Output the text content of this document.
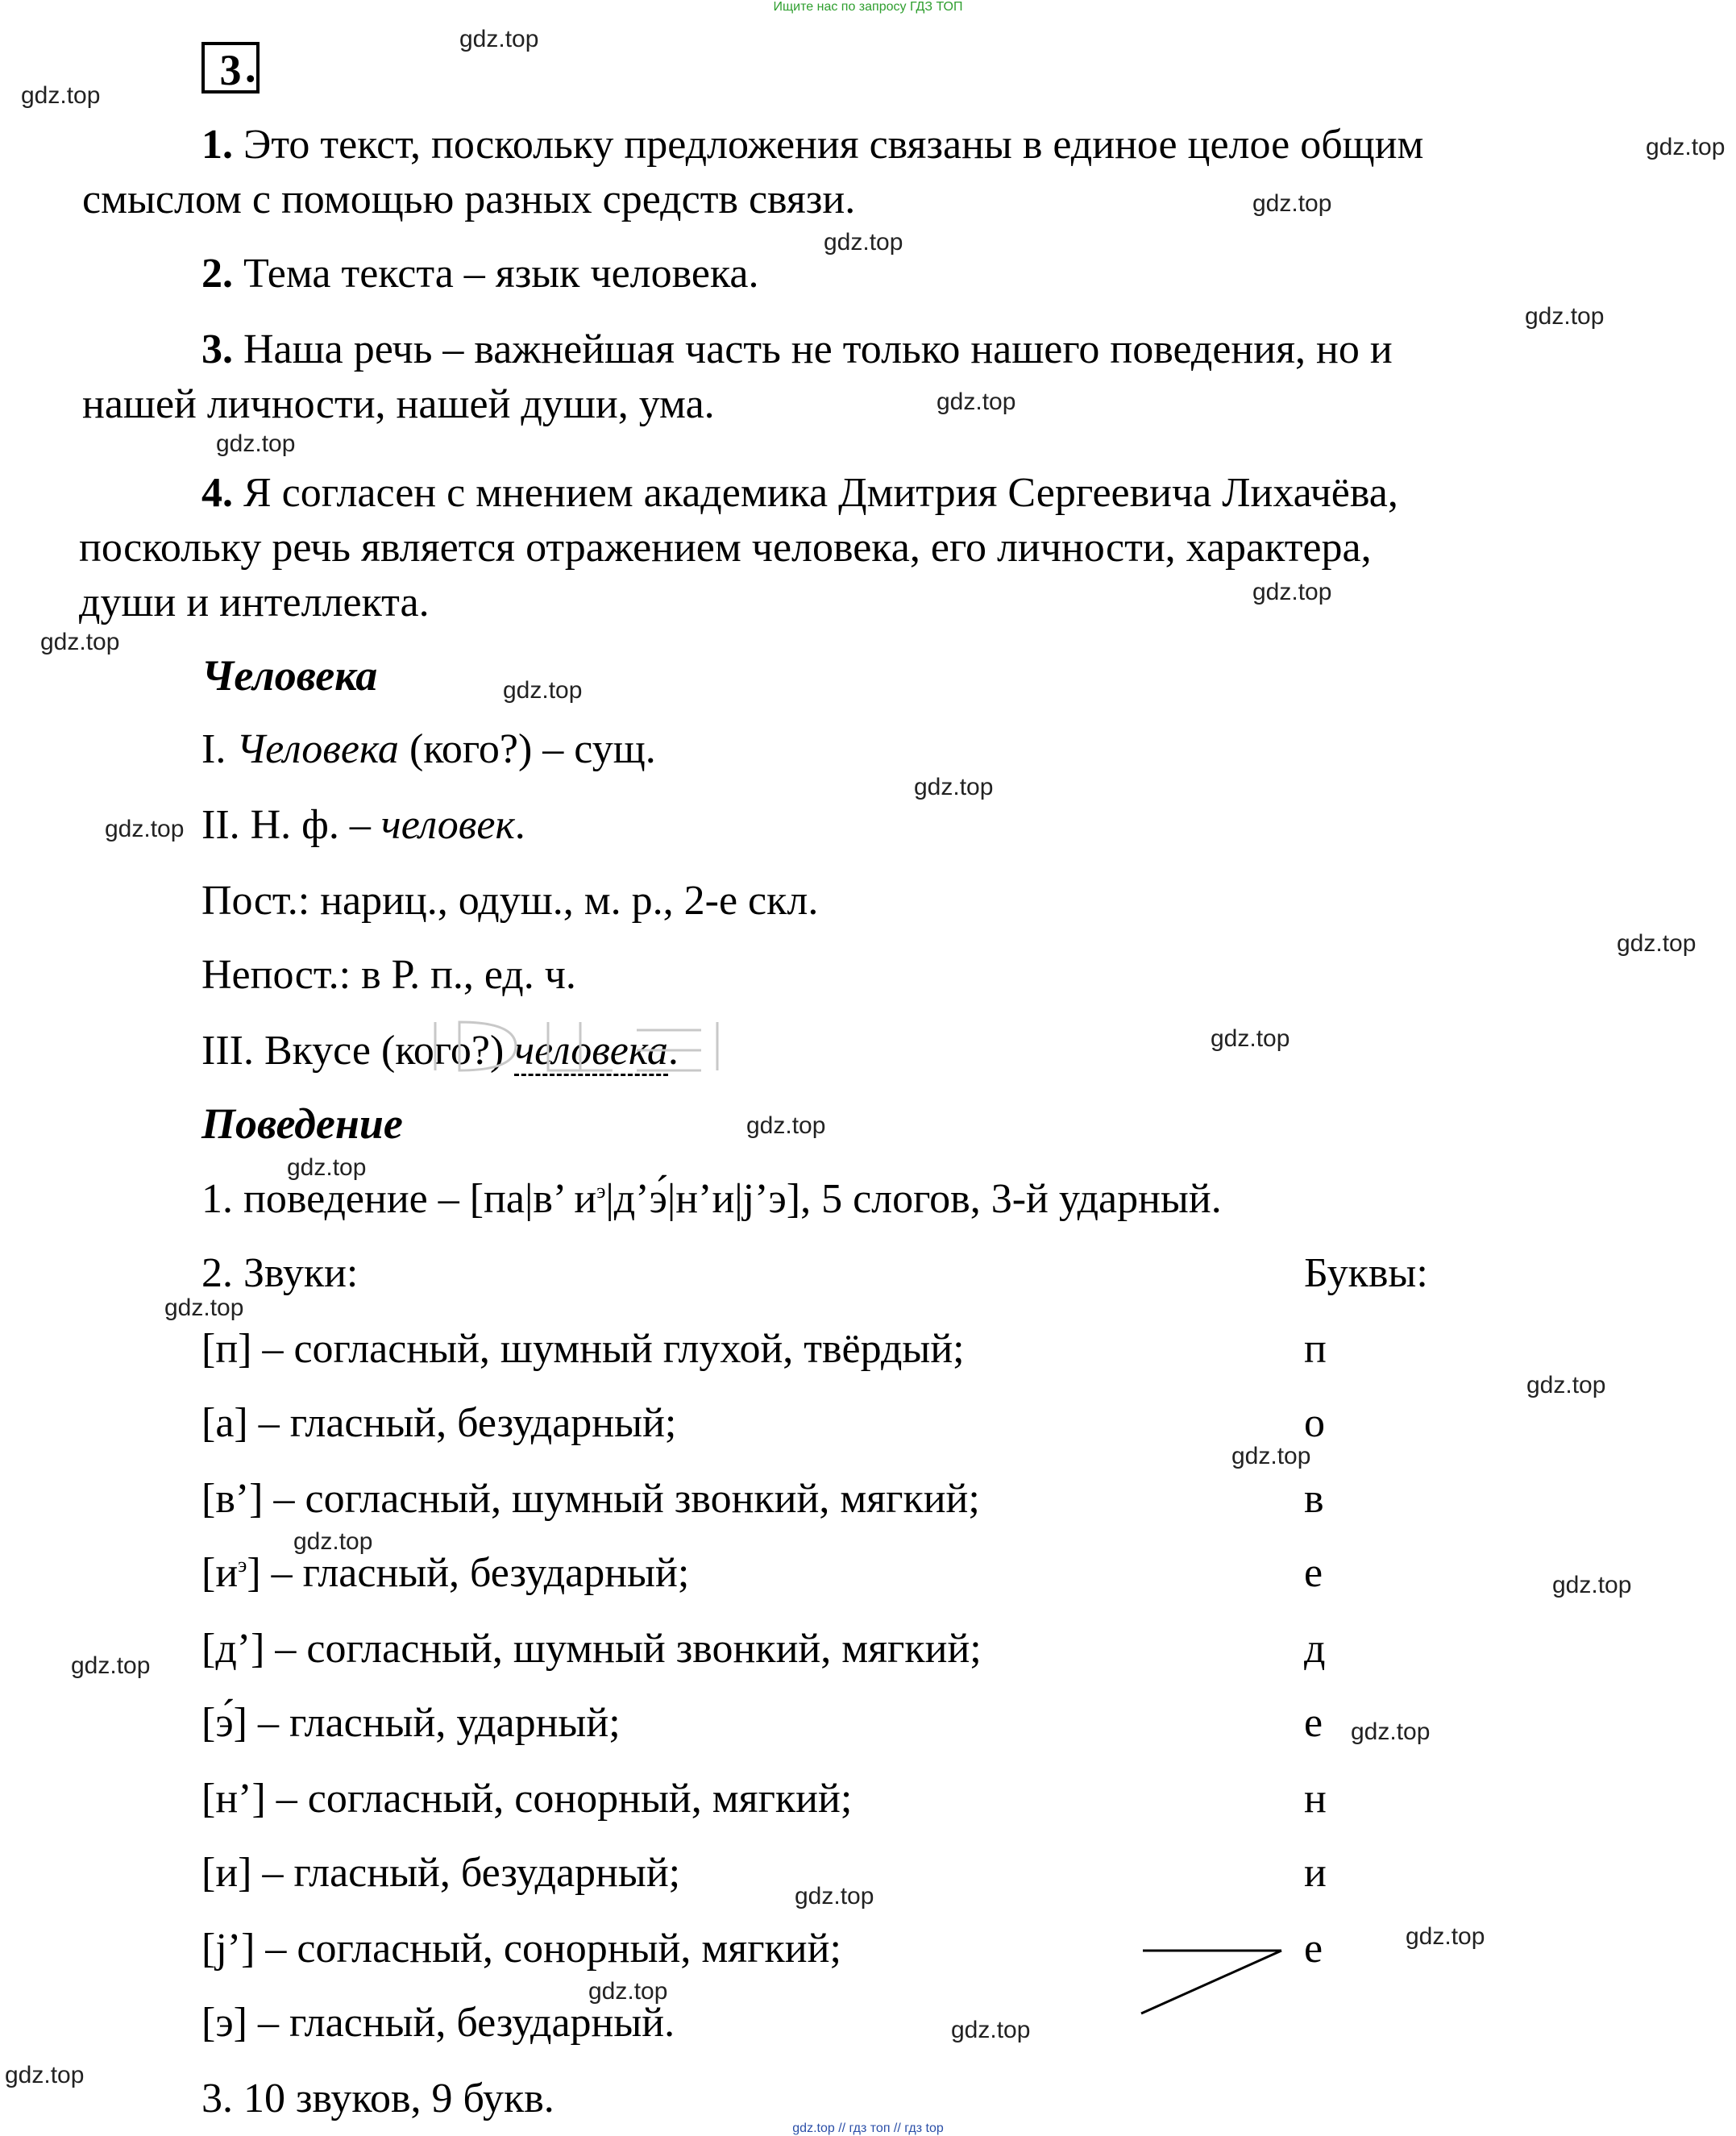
Ищите нас по запросу ГДЗ ТОП
3 .
1. Это текст, поскольку предложения связаны в единое целое общим
смыслом с помощью разных средств связи.
2. Тема текста – язык человека.
3. Наша речь – важнейшая часть не только нашего поведения, но и
нашей личности, нашей души, ума.
4. Я согласен с мнением академика Дмитрия Сергеевича Лихачёва,
поскольку речь является отражением человека, его личности, характера,
души и интеллекта.
Человека
I. Человека (кого?) – сущ.
II. Н. ф. – человек.
Пост.: нариц., одуш., м. р., 2-е скл.
Непост.: в Р. п., ед. ч.
III. Вкусе (кого?) человека.
Поведение
1. поведение – [па|в’ $и^э|д’э́|н’и|j’э$], 5 слогов, 3-й ударный.
2. Звуки:	Буквы:
[п] – согласный, шумный глухой, твёрдый;	п
[а] – гласный, безударный;	о
[в’] – согласный, шумный звонкий, мягкий;	в
$[и^э]$ – гласный, безударный;	е
[д’] – согласный, шумный звонкий, мягкий;	д
[э́] – гласный, ударный;	е
[н’] – согласный, сонорный, мягкий;	н
[и] – гласный, безударный;	и
[j’] – согласный, сонорный, мягкий;	е
[э] – гласный, безударный.
3. 10 звуков, 9 букв.
gdz.top
gdz.top
gdz.top
gdz.top
gdz.top
gdz.top
gdz.top
gdz.top
gdz.top
gdz.top
gdz.top
gdz.top
gdz.top
gdz.top
gdz.top
gdz.top
gdz.top
gdz.top
gdz.top
gdz.top
gdz.top
gdz.top
gdz.top
gdz.top
gdz.top
gdz.top
gdz.top
gdz.top
gdz.top
gdz.top // гдз топ // гдз top
